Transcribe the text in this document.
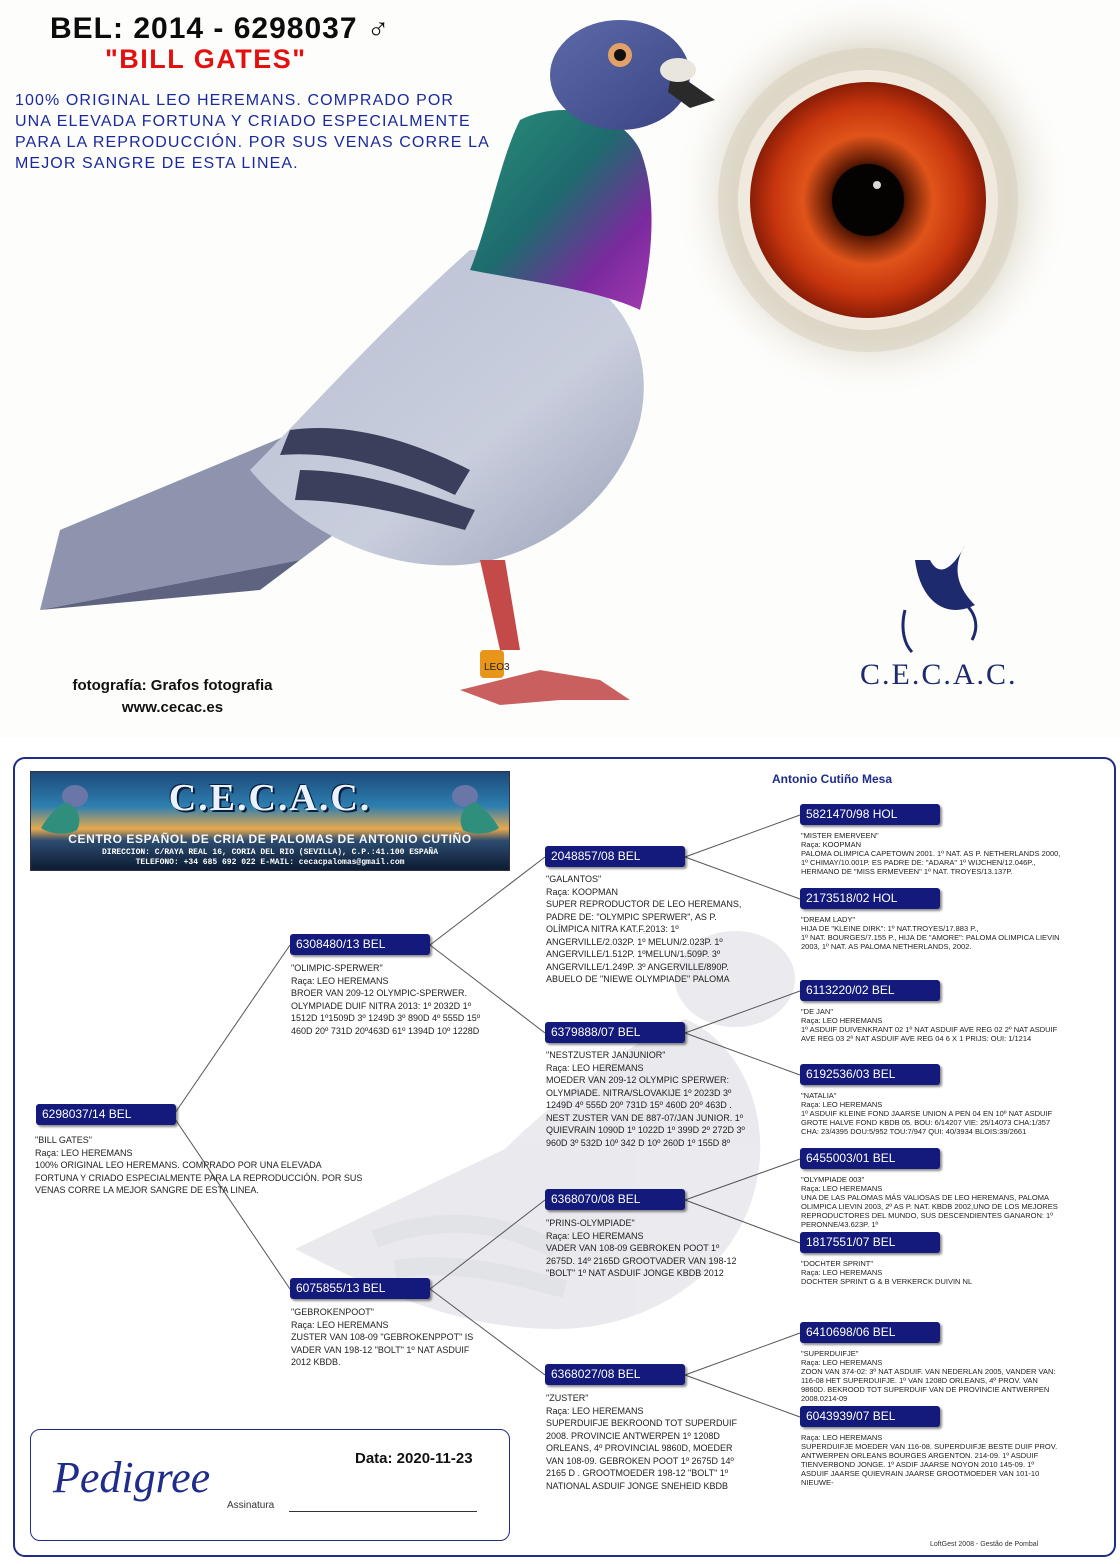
LEO3
BEL: 2014 - 6298037 ♂
"BILL GATES"
100% ORIGINAL LEO HEREMANS. COMPRADO POR UNA ELEVADA FORTUNA Y CRIADO ESPECIALMENTE PARA LA REPRODUCCIÓN. POR SUS VENAS CORRE LA MEJOR SANGRE DE ESTA LINEA.
fotografía: Grafos fotografia
www.cecac.es
C.E.C.A.C.
C.E.C.A.C.
CENTRO ESPAÑOL DE CRIA DE PALOMAS DE ANTONIO CUTIÑO
DIRECCION: C/RAYA REAL 16, CORIA DEL RIO (SEVILLA), C.P.:41.100 ESPAÑA
TELEFONO: +34 685 692 022 E-MAIL: cecacpalomas@gmail.com
Antonio Cutiño Mesa
6298037/14 BEL
"BILL GATES"
Raça: LEO HEREMANS
100% ORIGINAL LEO HEREMANS. COMPRADO POR UNA ELEVADA FORTUNA Y CRIADO ESPECIALMENTE PARA LA REPRODUCCIÓN. POR SUS VENAS CORRE LA MEJOR SANGRE DE ESTA LINEA.
6308480/13 BEL
"OLIMPIC-SPERWER"
Raça: LEO HEREMANS
BROER VAN 209-12 OLYMPIC-SPERWER. OLYMPIADE DUIF NITRA 2013: 1º 2032D 1º 1512D 1º1509D 3º 1249D 3º 890D 4º 555D 15º 460D 20º 731D 20º463D 61º 1394D 10º 1228D
6075855/13 BEL
"GEBROKENPOOT"
Raça: LEO HEREMANS
ZUSTER VAN 108-09 "GEBROKENPPOT" IS VADER VAN 198-12 "BOLT" 1º NAT ASDUIF 2012 KBDB.
2048857/08 BEL
"GALANTOS"
Raça: KOOPMAN
SUPER REPRODUCTOR DE LEO HEREMANS, PADRE DE: "OLYMPIC SPERWER", AS P. OLÍMPICA NITRA KAT.F.2013: 1º ANGERVILLE/2.032P. 1º MELUN/2.023P. 1º ANGERVILLE/1.512P. 1ºMELUN/1.509P. 3º ANGERVILLE/1.249P. 3º ANGERVILLE/890P. ABUELO DE "NIEWE OLYMPIADE" PALOMA
6379888/07 BEL
"NESTZUSTER JANJUNIOR"
Raça: LEO HEREMANS
MOEDER VAN 209-12 OLYMPIC SPERWER: OLYMPIADE. NITRA/SLOVAKIJE 1º 2023D 3º 1249D 4º 555D 20º 731D 15º 460D 20º 463D . NEST ZUSTER VAN DE 887-07/JAN JUNIOR. 1º QUIEVRAIN 1090D 1º 1022D 1º 399D 2º 272D 3º 960D 3º 532D 10º 342 D 10º 260D 1º 155D 8º
6368070/08 BEL
"PRINS-OLYMPIADE"
Raça: LEO HEREMANS
VADER VAN 108-09 GEBROKEN POOT 1º 2675D. 14º 2165D GROOTVADER VAN 198-12 "BOLT" 1º NAT ASDUIF JONGE KBDB 2012
6368027/08 BEL
"ZUSTER"
Raça: LEO HEREMANS
SUPERDUIFJE BEKROOND TOT SUPERDUIF 2008. PROVINCIE ANTWERPEN 1º 1208D ORLEANS, 4º PROVINCIAL 9860D, MOEDER VAN 108-09. GEBROKEN POOT 1º 2675D 14º 2165 D . GROOTMOEDER 198-12 "BOLT" 1º NATIONAL ASDUIF JONGE SNEHEID KBDB
5821470/98 HOL
"MISTER EMERVEEN"
Raça: KOOPMAN
PALOMA OLIMPICA CAPETOWN 2001. 1º NAT. AS P. NETHERLANDS 2000, 1º CHIMAY/10.001P. ES PADRE DE: "ADARA" 1º WIJCHEN/12.046P., HERMANO DE "MISS ERMEVEEN" 1º NAT. TROYES/13.137P.
2173518/02 HOL
"DREAM LADY"
HIJA DE "KLEINE DIRK": 1º NAT.TROYES/17.883 P.,
1º NAT. BOURGES/7.155 P., HIJA DE "AMORE": PALOMA OLIMPICA LIEVIN 2003, 1º NAT. AS PALOMA NETHERLANDS, 2002.
6113220/02 BEL
"DE JAN"
Raça: LEO HEREMANS
1º ASDUIF DUIVENKRANT 02 1º NAT ASDUIF AVE REG 02 2º NAT ASDUIF AVE REG 03 2º NAT ASDUIF AVE REG 04 6 X 1 PRIJS: OUI: 1/1214
6192536/03 BEL
"NATALIA"
Raça: LEO HEREMANS
1º ASDUIF KLEINE FOND JAARSE UNION A PEN 04 EN 10º NAT ASDUIF GROTE HALVE FOND KBDB 05. BOU: 6/14207 VIE: 25/14073 CHA:1/357 CHA: 23/4395 DOU:5/952 TOU:7/947 QUI: 40/3934 BLOIS:39/2661
6455003/01 BEL
"OLYMPIADE 003"
Raça: LEO HEREMANS
UNA DE LAS PALOMAS MÁS VALIOSAS DE LEO HEREMANS, PALOMA OLIMPICA LIEVIN 2003, 2º AS P. NAT. KBDB 2002,UNO DE LOS MEJORES REPRODUCTORES DEL MUNDO, SUS DESCENDIENTES GANARON: 1º PERONNE/43.623P. 1º
1817551/07 BEL
"DOCHTER SPRINT"
Raça: LEO HEREMANS
DOCHTER SPRINT G & B VERKERCK DUIVIN NL
6410698/06 BEL
"SUPERDUIFJE"
Raça: LEO HEREMANS
ZOON VAN 374-02: 3º NAT ASDUIF. VAN NEDERLAN 2005, VANDER VAN: 116-08 HET SUPERDUIFJE. 1º VAN 1208D ORLEANS, 4º PROV. VAN 9860D. BEKROOD TOT SUPERDUIF VAN DE PROVINCIE ANTWERPEN 2008.0214-09
6043939/07 BEL
Raça: LEO HEREMANS
SUPERDUIFJE MOEDER VAN 116-08. SUPERDUIFJE BESTE DUIF PROV. ANTWERPEN ORLEANS BOURGES ARGENTON. 214-09. 1º ASDUIF TIENVERBOND JONGE. 1º ASDIF JAARSE NOYON 2010 145-09. 1º ASDUIF JAARSE QUIEVRAIN JAARSE GROOTMOEDER VAN 101-10 NIEUWE-
Pedigree	Data: 2020-11-23
Assinatura
LoftGest 2008 - Gestão de Pombal
